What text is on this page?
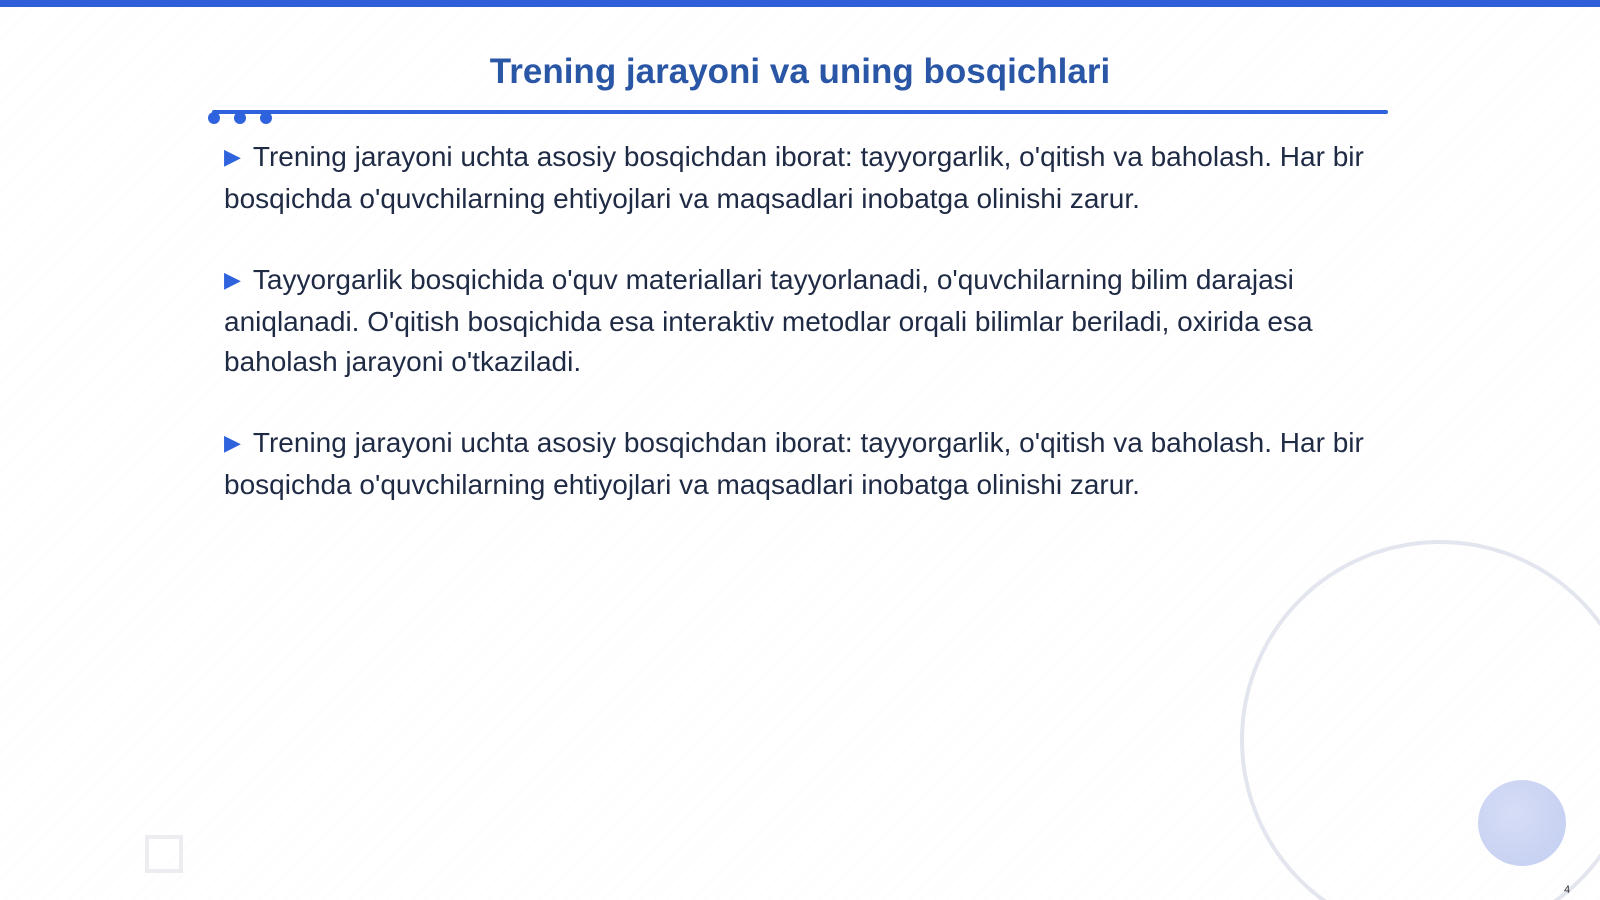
Trening jarayoni va uning bosqichlari

▶ Trening jarayoni uchta asosiy bosqichdan iborat: tayyorgarlik, o'qitish va baholash. Har bir bosqichda o'quvchilarning ehtiyojlari va maqsadlari inobatga olinishi zarur.

▶ Tayyorgarlik bosqichida o'quv materiallari tayyorlanadi, o'quvchilarning bilim darajasi aniqlanadi. O'qitish bosqichida esa interaktiv metodlar orqali bilimlar beriladi, oxirida esa baholash jarayoni o'tkaziladi.

▶ Trening jarayoni uchta asosiy bosqichdan iborat: tayyorgarlik, o'qitish va baholash. Har bir bosqichda o'quvchilarning ehtiyojlari va maqsadlari inobatga olinishi zarur.

4
